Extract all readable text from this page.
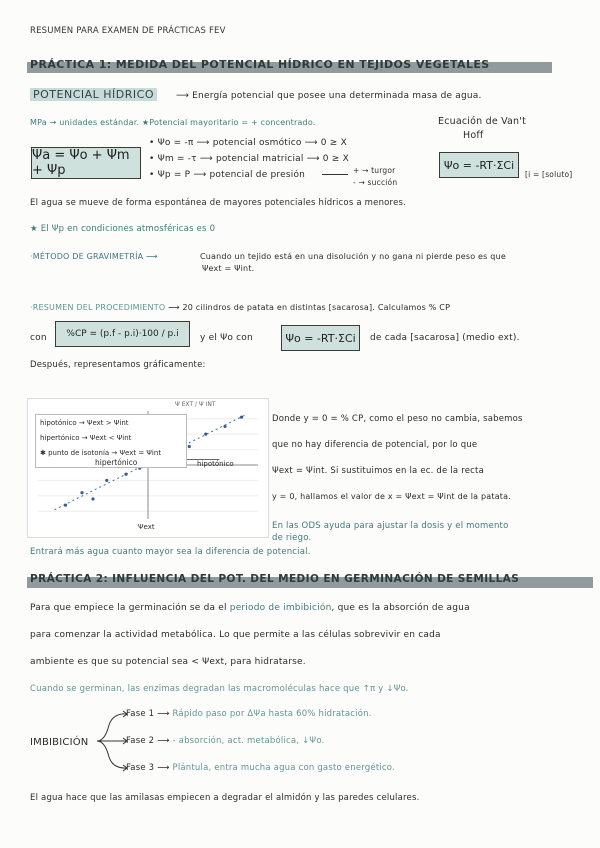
RESUMEN PARA EXAMEN DE PRÁCTICAS FEV
PRÁCTICA 1: MEDIDA DEL POTENCIAL HÍDRICO EN TEJIDOS VEGETALES
POTENCIAL HÍDRICO	⟶ Energía potencial que posee una determinada masa de agua.
MPa → unidades estándar. ★Potencial mayoritario = + concentrado.	Ecuación de Van't
Hoff
Ψa = Ψo + Ψm + Ψp
• Ψo = -π ⟶ potencial osmótico ⟶ 0 ≥ X
• Ψm = -τ ⟶ potencial matricial ⟶ 0 ≥ X
• Ψp = P ⟶ potencial de presión	+ → turgor
- → succión
Ψo = -RT·ΣCi
[i = [soluto]
El agua se mueve de forma espontánea de mayores potenciales hídricos a menores.
★ El Ψp en condiciones atmosféricas es 0
·MÉTODO DE GRAVIMETRÍA ⟶	Cuando un tejido está en una disolución y no gana ni pierde peso es que
Ψext = Ψint.
·RESUMEN DEL PROCEDIMIENTO ⟶ 20 cilindros de patata en distintas [sacarosa]. Calculamos % CP
con	%CP = (p.f - p.i)·100 / p.i	y el Ψo con	Ψo = -RT·ΣCi	de cada [sacarosa] (medio ext).
Después, representamos gráficamente:
Ψ EXT / Ψ INT
hipotónico → Ψext > Ψint
hipertónico → Ψext < Ψint
✱ punto de isotonía → Ψext = Ψint
hipertónico	hipotónico
Ψext
Donde y = 0 = % CP, como el peso no cambia, sabemos
que no hay diferencia de potencial, por lo que
Ψext = Ψint. Si sustituimos en la ec. de la recta
y = 0, hallamos el valor de x = Ψext = Ψint de la patata.
En las ODS ayuda para ajustar la dosis y el momento
de riego.
Entrará más agua cuanto mayor sea la diferencia de potencial.
PRÁCTICA 2: INFLUENCIA DEL POT. DEL MEDIO EN GERMINACIÓN DE SEMILLAS
Para que empiece la germinación se da el periodo de imbibición, que es la absorción de agua
para comenzar la actividad metabólica. Lo que permite a las células sobrevivir en cada
ambiente es que su potencial sea < Ψext, para hidratarse.
Cuando se germinan, las enzimas degradan las macromoléculas hace que ↑π y ↓Ψo.
IMBIBICIÓN
Fase 1 ⟶ Rápido paso por ΔΨa hasta 60% hidratación.
Fase 2 ⟶ - absorción, act. metabólica, ↓Ψo.
Fase 3 ⟶ Plántula, entra mucha agua con gasto energético.
El agua hace que las amilasas empiecen a degradar el almidón y las paredes celulares.
